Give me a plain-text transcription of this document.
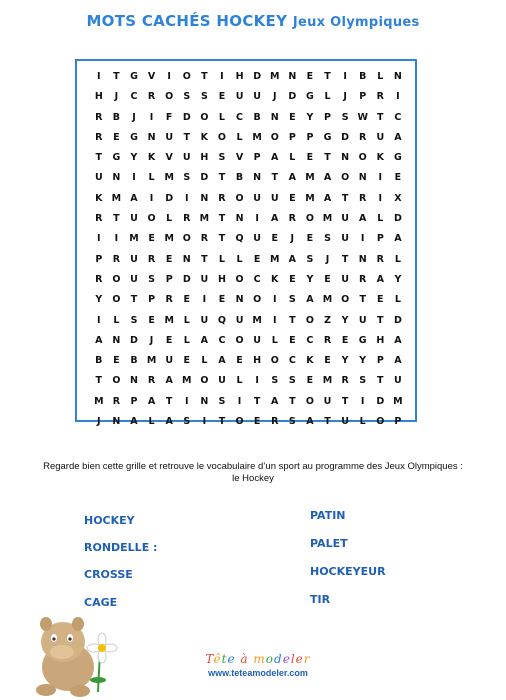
MOTS CACHÉS HOCKEY Jeux Olympiques
I	T	G	V	I	O	T	I	H	D M N	E	T	I	B	L	N
H	J	C	R	O	S	S	E	U	U	J	D	G	L	J	P	R	I
R	B	J	I	F	D	O	L	C	B	N	E	Y	P	S W T	C
R	E	G	N	U	T	K	O	L	M O	P	P	G	D	R	U	A
T	G	Y	K	V	U	H	S	V	P	A	L	E	T	N	O	K	G
U	N	I	L	M S	D	T	B	N	T	A M A	O	N	I	E
K M A	I	D	I	N	R	O	U	U	E	M A	T	R	I	X
R	T	U	O	L	R M	T	N	I	A	R	O M U	A	L	D
I	I	M	E	M O	R	T	Q	U	E	J	E	S	U	I	P	A
P	R	U	R	E	N	T	L	L	E	M A	S	J	T	N	R	L
R	O	U	S	P	D	U	H	O	C	K	E	Y	E	U	R	A	Y
Y	O	T	P	R	E	I	E	N	O	I	S	A M O	T	E	L
I	L	S	E	M	L	U	Q	U M	I	T	O	Z	Y	U	T	D
A	N	D	J	E	L	A	C	O	U	L	E	C	R	E	G	H	A
B	E	B M U	E	L	A	E	H	O	C	K	E	Y	Y	P	A
T	O	N	R	A M O	U	L	I	S	S	E	M R	S	T	U
M R	P	A	T	I	N	S	I	T	A	T	O	U	T	I	D M
J	N	A	L	A	S	I	T	O	E	R	S	A	T	U	L	O	P
Regarde bien cette grille et retrouve le vocabulaire d’un sport au programme des Jeux Olympiques : le Hockey
HOCKEY
RONDELLE :
CROSSE
CAGE
PATIN
PALET
HOCKEYEUR
TIR
Tête à modeler
www.teteamodeler.com
